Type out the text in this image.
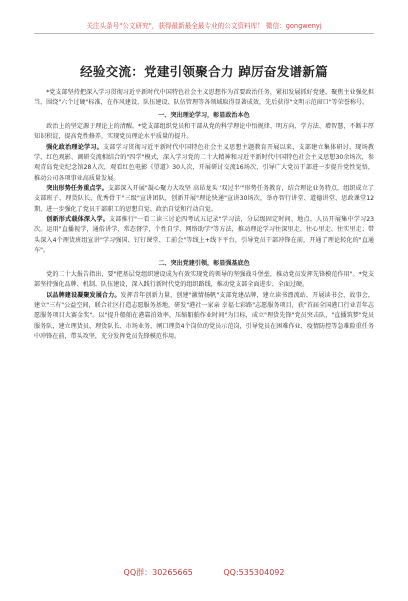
关注头条号"公文研究"，获得最新最全最专业的公文资料库！ 微信：gongwenyj
经验交流：党建引领聚合力 踔厉奋发谱新篇

*党支部坚持把深入学习贯彻习近平新时代中国特色社会主义思想作为首要政治任务，紧扣发展抓好党建，聚焦主业强化担当，围绕"六个过硬"标准，在作风建设、队伍建设、队伍管理等各领域取得显著成效，先后获得"文明示范窗口"等荣誉称号。

一、突出理论学习，彰显政治本色

政治上的坚定源于理论上的清醒。*党支部组织党员和干部从党的科学理论中悟规律、明方向、学方法、增智慧，不断丰厚知识积淀，提高党性修养，实现党员理论水平质量的提升。

强化政治理论学习。支部学习贯彻习近平新时代中国特色社会主义思想主题教育开展以来，支部建立集体研讨、现场教学、红色观影、调研交流相结合的"四学"模式，深入学习党的二十大精神和习近平新时代中国特色社会主义思想30余场次，参观青岛党史纪念馆28人次，观看红色电影《望道》30人次，开展研讨交流16场次，引导广大党员干部进一步提升党性觉悟，推动公司各项事业高质量发展。

突出形势任务重点学。支部深入开展"凝心聚力大攻坚 高昂龙头 '双过半'"形势任务教育，结合理论业务特点，组织成立了支部班子、理货队长、优秀骨干"三级"宣讲团队，创新开展"理论快递"宣讲30场次，举办智行讲堂、道德讲堂、思政课堂12期，进一步强化了党员干部职工的思想自觉、政治自觉和行动自觉。

创新形式载体深入学。支部推行"一看二读三讨论四考试五记录"学习法，分层级固定时间、地点、人员开展集中学习23次。运用"直播视学，通俗讲学、常态督学，个性自学、网络助学"等方法，推动理论学习往深里走、往心里走、往实里走；带头深入4个理货班组宣讲"学习强国、钉钉课堂、工前会"等线上+线下平台，引导党员干部冲锋在前，开通了理论转化的"直通车"。

二、突出党建引领，彰显强基底色

党的二十大报告指出，要"把基层党组织建设成为有效实现党的领导的坚强战斗堡垒，推动党员发挥先锋模范作用"。*党支部坚持强化品牌、机制、队伍建设，深入践行新时代党的组织路线，推动党支部全面进步、全面过硬。

以品牌建设凝聚发展合力。发挥青年创新力量，创建"激情扬帆"支部党建品牌，建立读书漂流站，开展读书会、故事会，建立"三有"公益空间，联合社区打造志愿服务基地，研发"港社一家亲 幸福七彩路"志愿服务项目，获"首届全国港口行业青年志愿服务项目大赛金奖"。以"提升船舶在港靠泊效率，压缩船舶作业时间"为目标，成立"理货先锋"党员突击队，"直播筑梦"党员服务队，建立理货员、理货队长、市场业务、闸口理货4个岗位的党员示范岗，引导党员在困难作业、疫情防控等急难险重任务中冲锋在前，带头攻坚，充分发挥党员先锋模范作用。

QQ群：30265665	QQ:535304092
